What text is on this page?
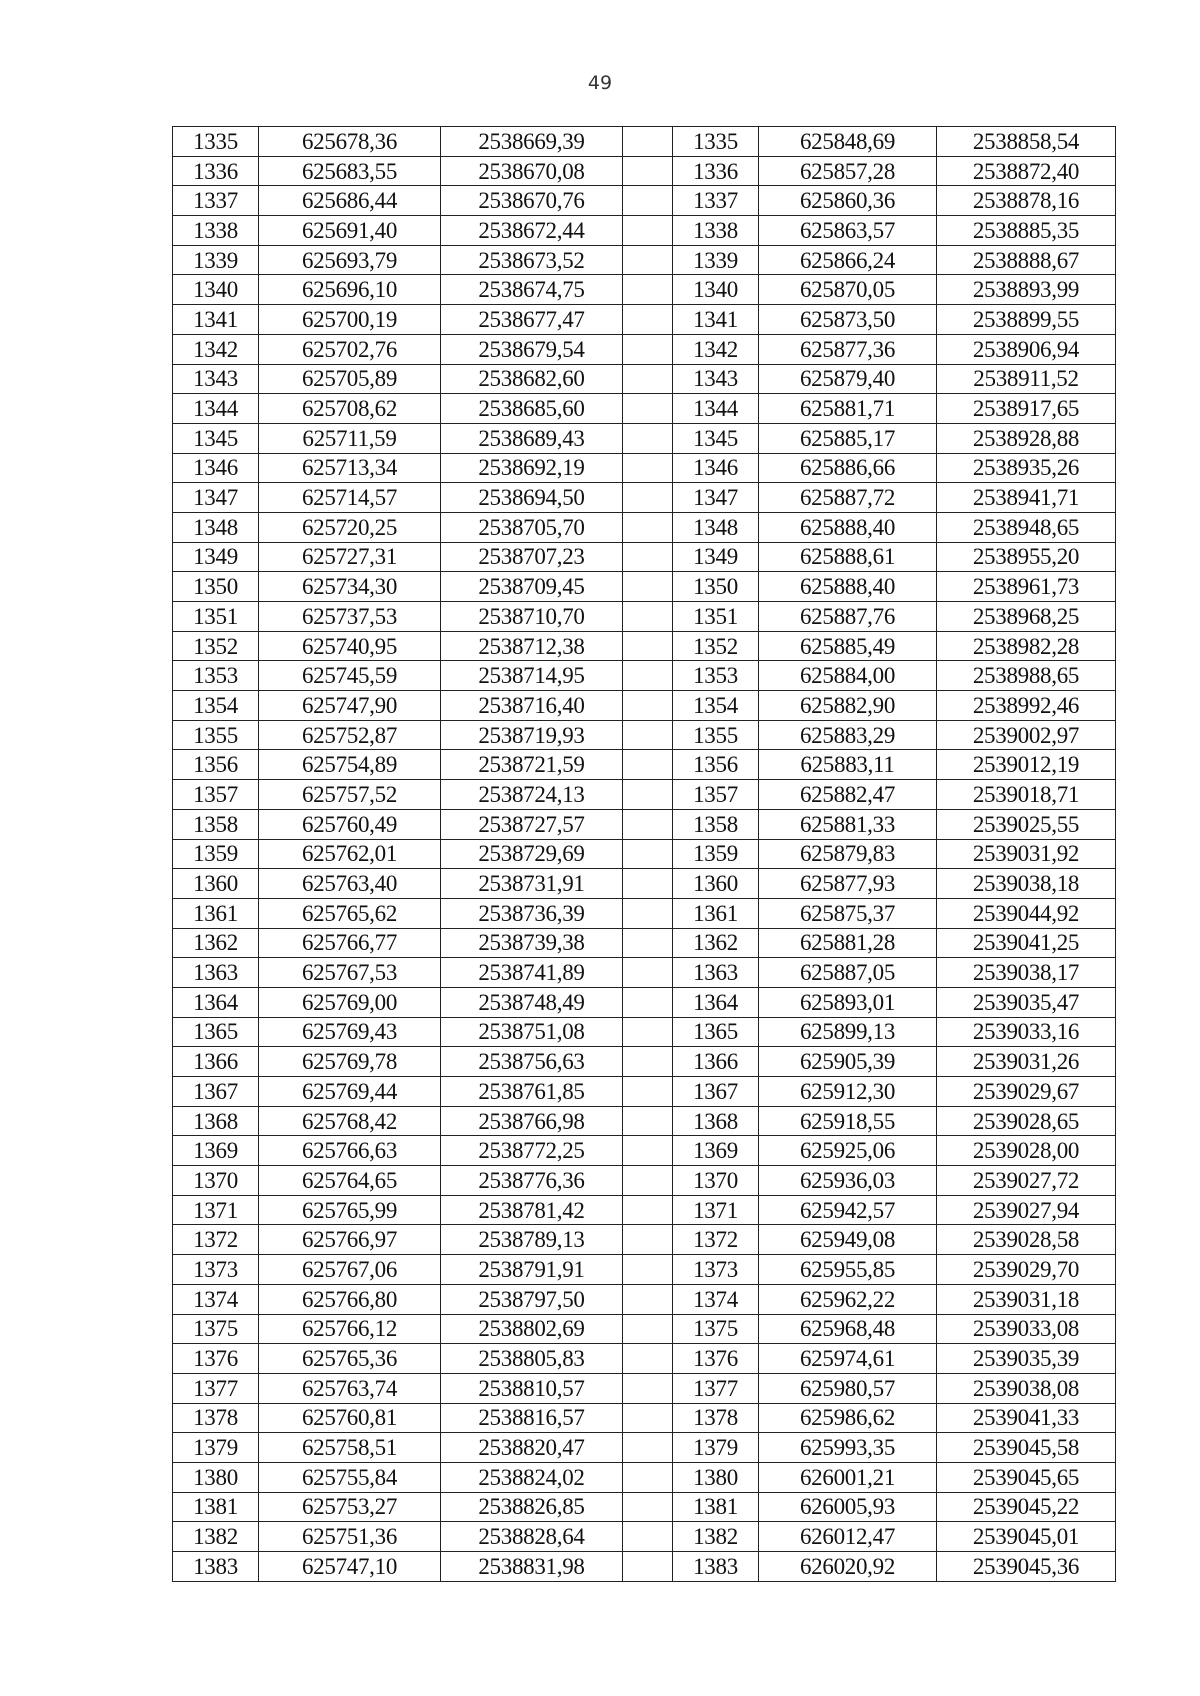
49
1335	625678,36	2538669,39		1335	625848,69	2538858,54
1336	625683,55	2538670,08		1336	625857,28	2538872,40
1337	625686,44	2538670,76		1337	625860,36	2538878,16
1338	625691,40	2538672,44		1338	625863,57	2538885,35
1339	625693,79	2538673,52		1339	625866,24	2538888,67
1340	625696,10	2538674,75		1340	625870,05	2538893,99
1341	625700,19	2538677,47		1341	625873,50	2538899,55
1342	625702,76	2538679,54		1342	625877,36	2538906,94
1343	625705,89	2538682,60		1343	625879,40	2538911,52
1344	625708,62	2538685,60		1344	625881,71	2538917,65
1345	625711,59	2538689,43		1345	625885,17	2538928,88
1346	625713,34	2538692,19		1346	625886,66	2538935,26
1347	625714,57	2538694,50		1347	625887,72	2538941,71
1348	625720,25	2538705,70		1348	625888,40	2538948,65
1349	625727,31	2538707,23		1349	625888,61	2538955,20
1350	625734,30	2538709,45		1350	625888,40	2538961,73
1351	625737,53	2538710,70		1351	625887,76	2538968,25
1352	625740,95	2538712,38		1352	625885,49	2538982,28
1353	625745,59	2538714,95		1353	625884,00	2538988,65
1354	625747,90	2538716,40		1354	625882,90	2538992,46
1355	625752,87	2538719,93		1355	625883,29	2539002,97
1356	625754,89	2538721,59		1356	625883,11	2539012,19
1357	625757,52	2538724,13		1357	625882,47	2539018,71
1358	625760,49	2538727,57		1358	625881,33	2539025,55
1359	625762,01	2538729,69		1359	625879,83	2539031,92
1360	625763,40	2538731,91		1360	625877,93	2539038,18
1361	625765,62	2538736,39		1361	625875,37	2539044,92
1362	625766,77	2538739,38		1362	625881,28	2539041,25
1363	625767,53	2538741,89		1363	625887,05	2539038,17
1364	625769,00	2538748,49		1364	625893,01	2539035,47
1365	625769,43	2538751,08		1365	625899,13	2539033,16
1366	625769,78	2538756,63		1366	625905,39	2539031,26
1367	625769,44	2538761,85		1367	625912,30	2539029,67
1368	625768,42	2538766,98		1368	625918,55	2539028,65
1369	625766,63	2538772,25		1369	625925,06	2539028,00
1370	625764,65	2538776,36		1370	625936,03	2539027,72
1371	625765,99	2538781,42		1371	625942,57	2539027,94
1372	625766,97	2538789,13		1372	625949,08	2539028,58
1373	625767,06	2538791,91		1373	625955,85	2539029,70
1374	625766,80	2538797,50		1374	625962,22	2539031,18
1375	625766,12	2538802,69		1375	625968,48	2539033,08
1376	625765,36	2538805,83		1376	625974,61	2539035,39
1377	625763,74	2538810,57		1377	625980,57	2539038,08
1378	625760,81	2538816,57		1378	625986,62	2539041,33
1379	625758,51	2538820,47		1379	625993,35	2539045,58
1380	625755,84	2538824,02		1380	626001,21	2539045,65
1381	625753,27	2538826,85		1381	626005,93	2539045,22
1382	625751,36	2538828,64		1382	626012,47	2539045,01
1383	625747,10	2538831,98		1383	626020,92	2539045,36
